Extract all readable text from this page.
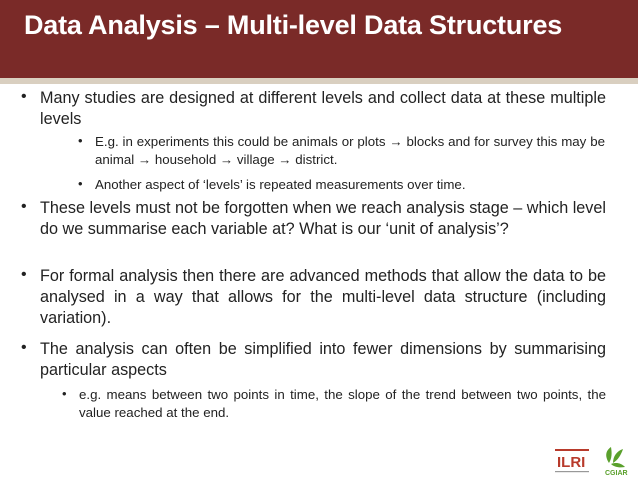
Data Analysis – Multi-level Data Structures
• Many studies are designed at different levels and collect data at these multiple levels
• E.g. in experiments this could be animals or plots → blocks and for survey this may be animal → household → village → district.
• Another aspect of ‘levels’ is repeated measurements over time.
• These levels must not be forgotten when we reach analysis stage – which level do we summarise each variable at? What is our ‘unit of analysis’?
• For formal analysis then there are advanced methods that allow the data to be analysed in a way that allows for the multi-level data structure (including variation).
• The analysis can often be simplified into fewer dimensions by summarising particular aspects
• e.g. means between two points in time, the slope of the trend between two points, the value reached at the end.
ILRI
CGIAR
